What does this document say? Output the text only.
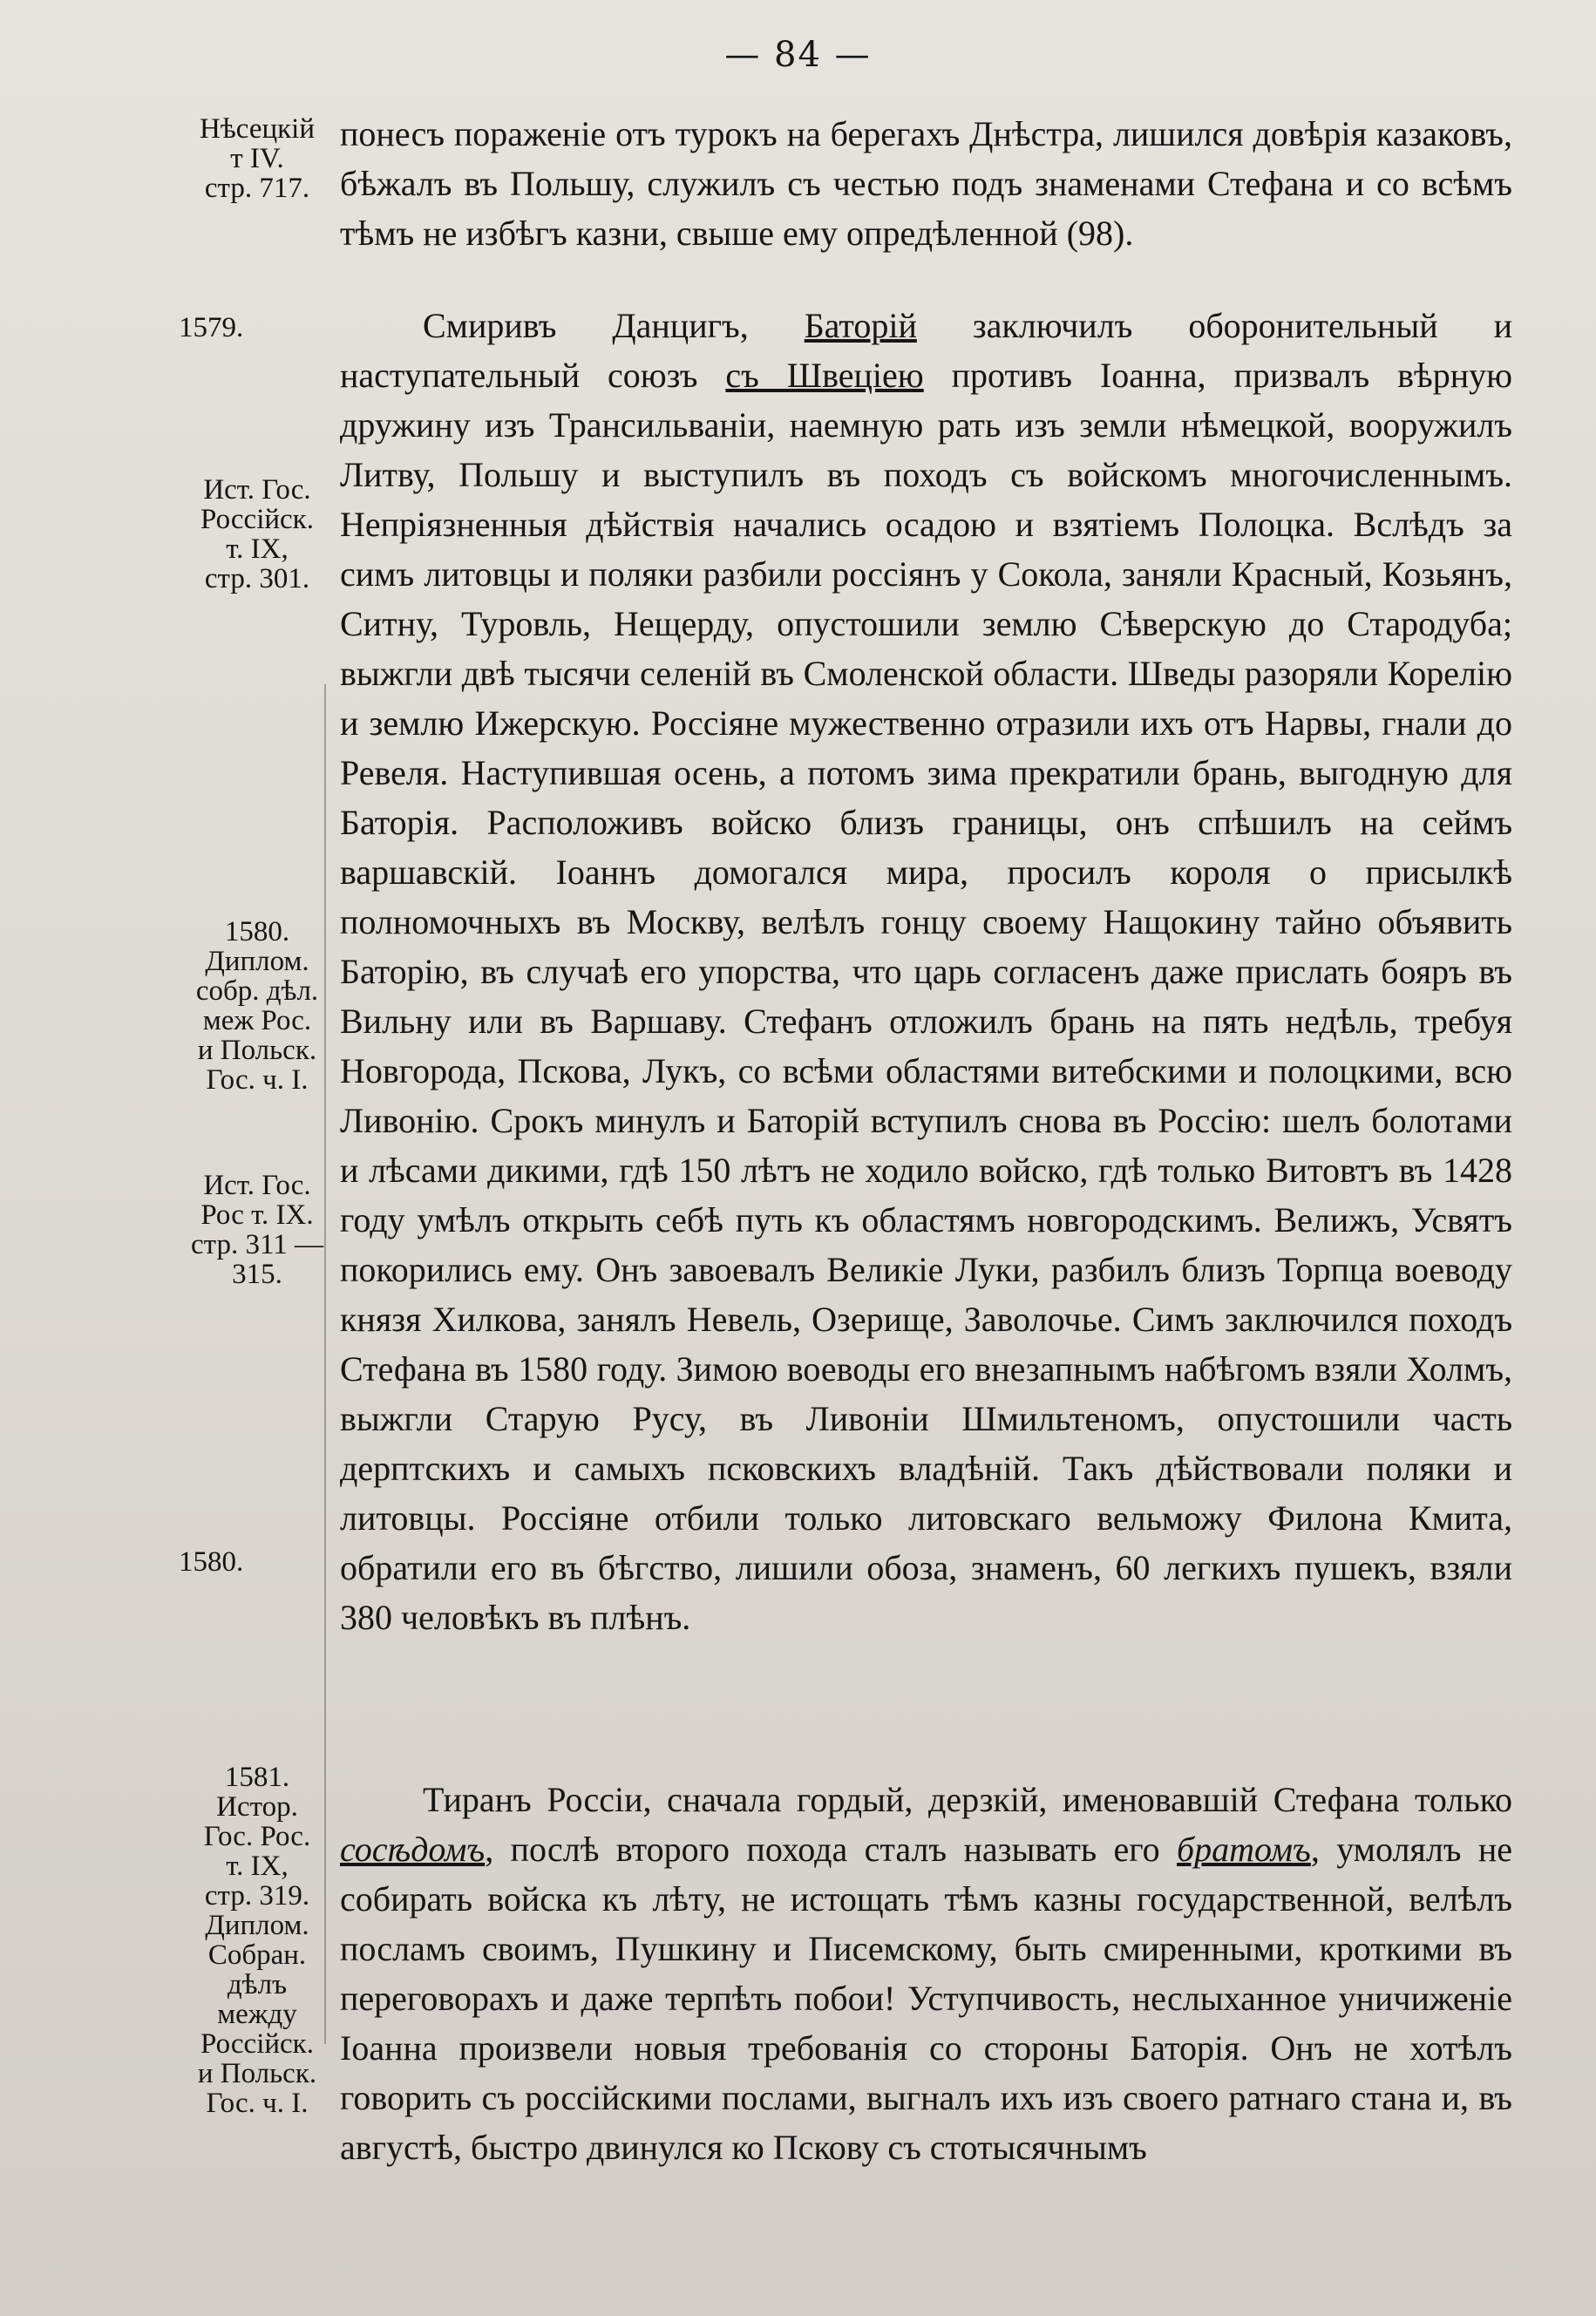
— 84 —
Нѣсецкій
т IV.
стр. 717.

понесъ пораженіе отъ турокъ на берегахъ Днѣстра, лишился довѣрія казаковъ, бѣжалъ въ Польшу, служилъ съ честью подъ знаменами Стефана и со всѣмъ тѣмъ не избѣгъ казни, свыше ему опредѣленной (98).

1579.
Ист. Гос.
Россійск.
т. IX,
стр. 301.
1580.
Диплом.
собр. дѣл.
меж Рос.
и Польск.
Гос. ч. I.
Ист. Гос.
Рос т. IX.
стр. 311 —
315.
1580.

Смиривъ Данцигъ, Баторій заключилъ оборонительный и наступательный союзъ съ Швеціею противъ Іоанна, призвалъ вѣрную дружину изъ Трансильваніи, наемную рать изъ земли нѣмецкой, вооружилъ Литву, Польшу и выступилъ въ походъ съ войскомъ многочисленнымъ. Непріязненныя дѣйствія начались осадою и взятіемъ Полоцка. Вслѣдъ за симъ литовцы и поляки разбили россіянъ у Сокола, заняли Красный, Козьянъ, Ситну, Туровль, Нещерду, опустошили землю Сѣверскую до Стародуба; выжгли двѣ тысячи селеній въ Смоленской области. Шведы разоряли Корелію и землю Ижерскую. Россіяне мужественно отразили ихъ отъ Нарвы, гнали до Ревеля. Наступившая осень, а потомъ зима прекратили брань, выгодную для Баторія. Расположивъ войско близъ границы, онъ спѣшилъ на сеймъ варшавскій. Іоаннъ домогался мира, просилъ короля о присылкѣ полномочныхъ въ Москву, велѣлъ гонцу своему Нащокину тайно объявить Баторію, въ случаѣ его упорства, что царь согласенъ даже прислать бояръ въ Вильну или въ Варшаву. Стефанъ отложилъ брань на пять недѣль, требуя Новгорода, Пскова, Лукъ, со всѣми областями витебскими и полоцкими, всю Ливонію. Срокъ минулъ и Баторій вступилъ снова въ Россію: шелъ болотами и лѣсами дикими, гдѣ 150 лѣтъ не ходило войско, гдѣ только Витовтъ въ 1428 году умѣлъ открыть себѣ путь къ областямъ новгородскимъ. Велижъ, Усвятъ покорились ему. Онъ завоевалъ Великіе Луки, разбилъ близъ Торпца воеводу князя Хилкова, занялъ Невель, Озерище, Заволочье. Симъ заключился походъ Стефана въ 1580 году. Зимою воеводы его внезапнымъ набѣгомъ взяли Холмъ, выжгли Старую Русу, въ Ливоніи Шмильтеномъ, опустошили часть дерптскихъ и самыхъ псковскихъ владѣній. Такъ дѣйствовали поляки и литовцы. Россіяне отбили только литовскаго вельможу Филона Кмита, обратили его въ бѣгство, лишили обоза, знаменъ, 60 легкихъ пушекъ, взяли 380 человѣкъ въ плѣнъ.

1581.
Истор.
Гос. Рос.
т. IX,
стр. 319.
Диплом.
Собран.
дѣлъ
между
Россійск.
и Польск.
Гос. ч. I.

Тиранъ Россіи, сначала гордый, дерзкій, именовавшій Стефана только сосѣдомъ, послѣ второго похода сталъ называть его братомъ, умолялъ не собирать войска къ лѣту, не истощать тѣмъ казны государственной, велѣлъ посламъ своимъ, Пушкину и Писемскому, быть смиренными, кроткими въ переговорахъ и даже терпѣть побои! Уступчивость, неслыханное уничиженіе Іоанна произвели новыя требованія со стороны Баторія. Онъ не хотѣлъ говорить съ россійскими послами, выгналъ ихъ изъ своего ратнаго стана и, въ августѣ, быстро двинулся ко Пскову съ стотысячнымъ
